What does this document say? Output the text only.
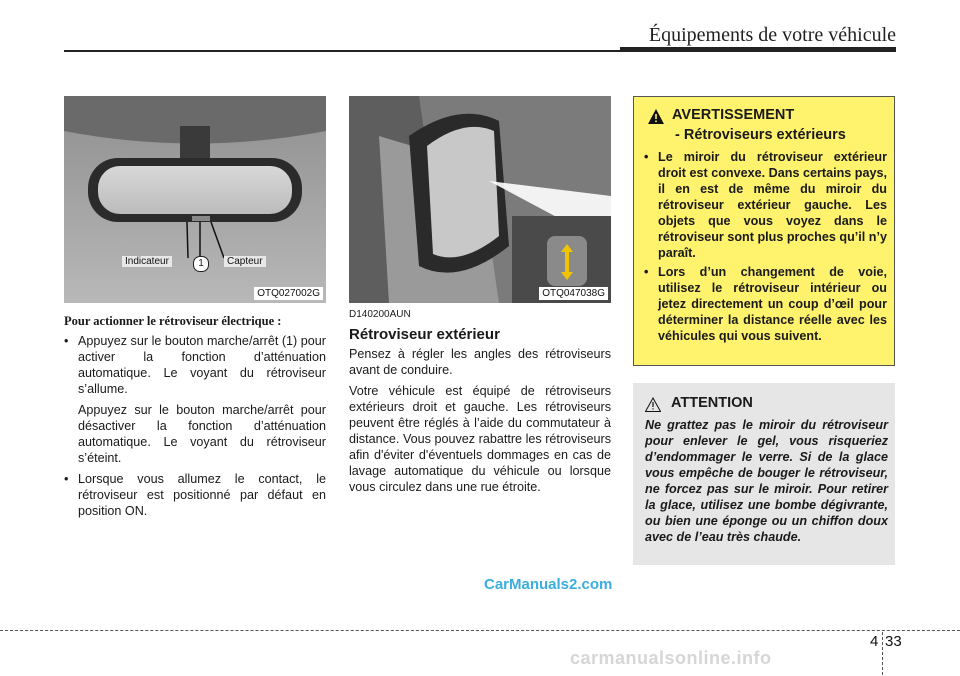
Équipements de votre véhicule
Indicateur	1	Capteur
OTQ027002G	OTQ047038G
Pour actionner le rétroviseur électrique :
• Appuyez sur le bouton marche/arrêt (1) pour activer la fonction d’atténuation automatique. Le voyant du rétroviseur s’allume.
Appuyez sur le bouton marche/arrêt pour désactiver la fonction d’atténuation automatique. Le voyant du rétroviseur s’éteint.
• Lorsque vous allumez le contact, le rétroviseur est positionné par défaut en position ON.
D140200AUN
Rétroviseur extérieur

Pensez à régler les angles des rétroviseurs avant de conduire.

Votre véhicule est équipé de rétroviseurs extérieurs droit et gauche. Les rétroviseurs peuvent être réglés à l’aide du commutateur à distance. Vous pouvez rabattre les rétroviseurs afin d'éviter d'éventuels dommages en cas de lavage automatique du véhicule ou lorsque vous circulez dans une rue étroite.

AVERTISSEMENT
- Rétroviseurs extérieurs
• Le miroir du rétroviseur extérieur droit est convexe. Dans certains pays, il en est de même du miroir du rétroviseur extérieur gauche. Les objets que vous voyez dans le rétroviseur sont plus proches qu’il n’y paraît.
• Lors d’un changement de voie, utilisez le rétroviseur intérieur ou jetez directement un coup d’œil pour déterminer la distance réelle avec les véhicules qui vous suivent.
ATTENTION
Ne grattez pas le miroir du rétroviseur pour enlever le gel, vous risqueriez d’endommager le verre. Si de la glace vous empêche de bouger le rétroviseur, ne forcez pas sur le miroir. Pour retirer la glace, utilisez une bombe dégivrante, ou bien une éponge ou un chiffon doux avec de l’eau très chaude.
CarManuals2.com
4 33
carmanualsonline.info
